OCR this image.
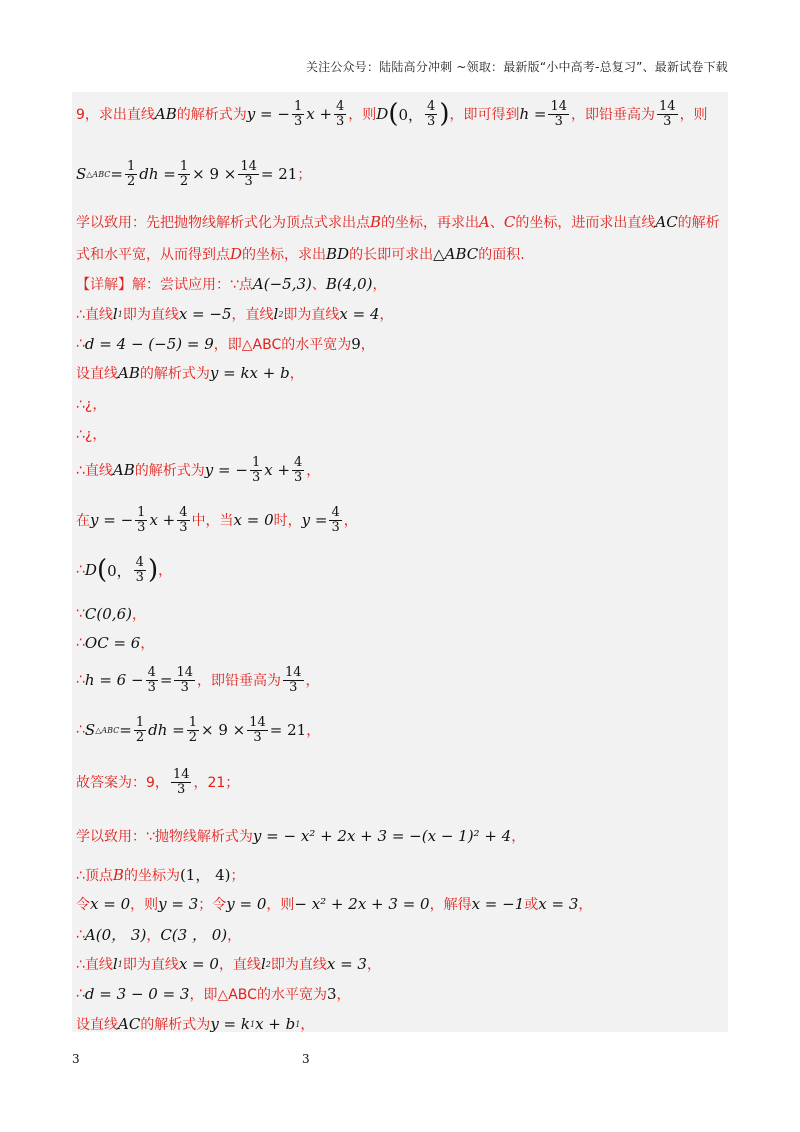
关注公众号：陆陆高分冲刺 ~领取：最新版“小中高考-总复习”、最新试卷下载
9，求出直线 AB 的解析式为 y = − $\frac{1}{3}$ $x + \frac{4}{3}$ ，则 D ( 0， $\frac{4}{3}$ ) ，即可得到 $h = \frac{14}{3}$ ，即铅垂高为 $\frac{14}{3}$ ，则
S △ABC = $\frac{1}{2}$ dh = $\frac{1}{2} \times 9 \times \frac{14}{3} = 21$ ；
学以致用：先把抛物线解析式化为顶点式求出点 B 的坐标，再求出 A 、 C 的坐标，进而求出直线 AC 的解析
式和水平宽，从而得到点 D 的坐标，求出 BD 的长即可求出 △ABC 的面积.
【详解】 解：尝试应用：∵点 A(−5,3) 、 B(4,0) ，
∴直线 l 1 即为直线 x = −5 ，直线 l 2 即为直线 x = 4 ，
∴ d = 4 − (−5) = 9 ，即△ABC的水平宽为 9 ，
设直线 AB 的解析式为 y = kx + b ，
∴¿，
∴¿，
∴直线 AB 的解析式为 y = − $\frac{1}{3}$ $x + \frac{4}{3}$ ，
在 y = − $\frac{1}{3}$ $x + \frac{4}{3}$ 中，当 x = 0 时， $y = \frac{4}{3}$ ，
∴ D ( 0， $\frac{4}{3}$ ) ，
∵ C(0,6) ，
∴ OC = 6 ，
∴ $h = 6 - \frac{4}{3} = \frac{14}{3}$ ，即铅垂高为 $\frac{14}{3}$ ，
∴ S △ABC = $\frac{1}{2}$ dh = $\frac{1}{2} \times 9 \times \frac{14}{3} = 21$ ，
故答案为：9， $\frac{14}{3}$ ，21；
学以致用：∵抛物线解析式为 y = − x² + 2x + 3 = −(x − 1)² + 4 ，
∴顶点 B 的坐标为 (1， 4) ；
令 x = 0 ，则 y = 3 ；令 y = 0 ，则 − x² + 2x + 3 = 0 ，解得 x = −1 或 x = 3 ，
∴ A(0， 3) ， C(3 ， 0) ，
∴直线 l 1 即为直线 x = 0 ，直线 l 2 即为直线 x = 3 ，
∴ d = 3 − 0 = 3 ，即△ABC的水平宽为 3 ，
设直线 AC 的解析式为 y = k 1 x + b 1 ，
3	3
